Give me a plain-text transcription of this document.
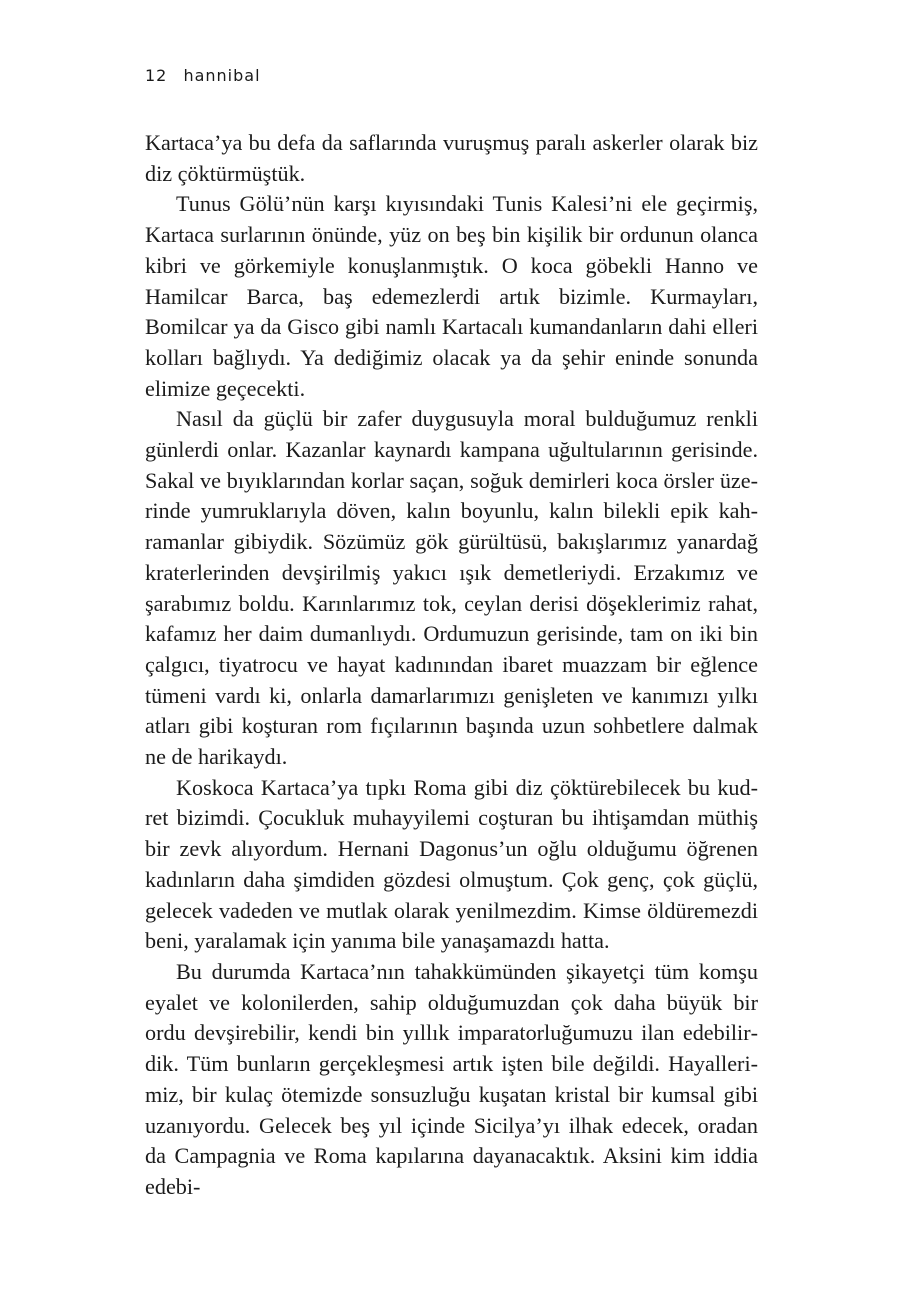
12 hannibal

Kartaca’ya bu defa da saflarında vuruşmuş paralı askerler olarak biz diz çöktürmüştük.

Tunus Gölü’nün karşı kıyısındaki Tunis Kalesi’ni ele geçirmiş, Kartaca surlarının önünde, yüz on beş bin kişilik bir ordunun olanca kibri ve görkemiyle konuşlanmıştık. O koca göbekli Hanno ve Hamilcar Barca, baş edemezlerdi artık bizimle. Kurmayları, Bomilcar ya da Gisco gibi namlı Kartacalı kumandanların dahi elleri kolları bağlıydı. Ya dediğimiz olacak ya da şehir eninde sonunda elimize geçecekti.

Nasıl da güçlü bir zafer duygusuyla moral bulduğumuz renkli günlerdi onlar. Kazanlar kaynardı kampana uğultularının gerisinde. Sakal ve bıyıklarından korlar saçan, soğuk demirleri koca örsler üzerinde yumruklarıyla döven, kalın boyunlu, kalın bilekli epik kahramanlar gibiydik. Sözümüz gök gürültüsü, bakışlarımız yanardağ kraterlerinden devşirilmiş yakıcı ışık demetleriydi. Erzakımız ve şarabımız boldu. Karınlarımız tok, ceylan derisi döşeklerimiz rahat, kafamız her daim dumanlıydı. Ordumuzun gerisinde, tam on iki bin çalgıcı, tiyatrocu ve hayat kadınından ibaret muazzam bir eğlence tümeni vardı ki, onlarla damarlarımızı genişleten ve kanımızı yılkı atları gibi koşturan rom fıçılarının başında uzun sohbetlere dalmak ne de harikaydı.

Koskoca Kartaca’ya tıpkı Roma gibi diz çöktürebilecek bu kudret bizimdi. Çocukluk muhayyilemi coşturan bu ihtişamdan müthiş bir zevk alıyordum. Hernani Dagonus’un oğlu olduğumu öğrenen kadınların daha şimdiden gözdesi olmuştum. Çok genç, çok güçlü, gelecek vadeden ve mutlak olarak yenilmezdim. Kimse öldüremezdi beni, yaralamak için yanıma bile yanaşamazdı hatta.

Bu durumda Kartaca’nın tahakkümünden şikayetçi tüm komşu eyalet ve kolonilerden, sahip olduğumuzdan çok daha büyük bir ordu devşirebilir, kendi bin yıllık imparatorluğumuzu ilan edebilirdik. Tüm bunların gerçekleşmesi artık işten bile değildi. Hayallerimiz, bir kulaç ötemizde sonsuzluğu kuşatan kristal bir kumsal gibi uzanıyordu. Gelecek beş yıl içinde Sicilya’yı ilhak edecek, oradan da Campagnia ve Roma kapılarına dayanacaktık. Aksini kim iddia edebi-
